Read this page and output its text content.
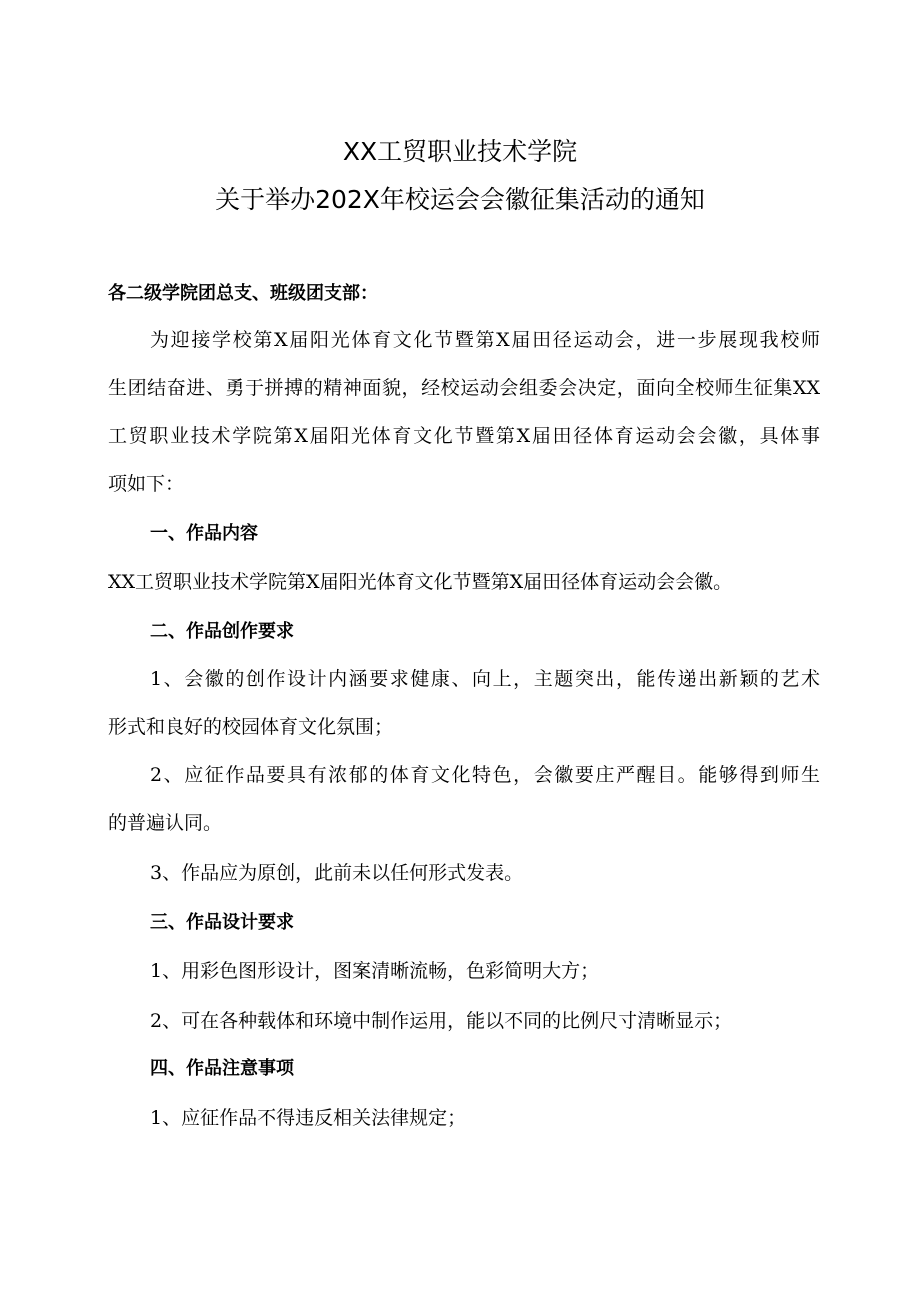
XX工贸职业技术学院
关于举办202X年校运会会徽征集活动的通知
各二级学院团总支、班级团支部：
为迎接学校第X届阳光体育文化节暨第X届田径运动会，进一步展现我校师
生团结奋进、勇于拼搏的精神面貌，经校运动会组委会决定，面向全校师生征集XX
工贸职业技术学院第X届阳光体育文化节暨第X届田径体育运动会会徽，具体事
项如下：
一、作品内容
XX工贸职业技术学院第X届阳光体育文化节暨第X届田径体育运动会会徽。
二、作品创作要求
1、会徽的创作设计内涵要求健康、向上，主题突出，能传递出新颖的艺术
形式和良好的校园体育文化氛围；
2、应征作品要具有浓郁的体育文化特色，会徽要庄严醒目。能够得到师生
的普遍认同。
3、作品应为原创，此前未以任何形式发表。
三、作品设计要求
1、用彩色图形设计，图案清晰流畅，色彩简明大方；
2、可在各种载体和环境中制作运用，能以不同的比例尺寸清晰显示；
四、作品注意事项
1、应征作品不得违反相关法律规定；
